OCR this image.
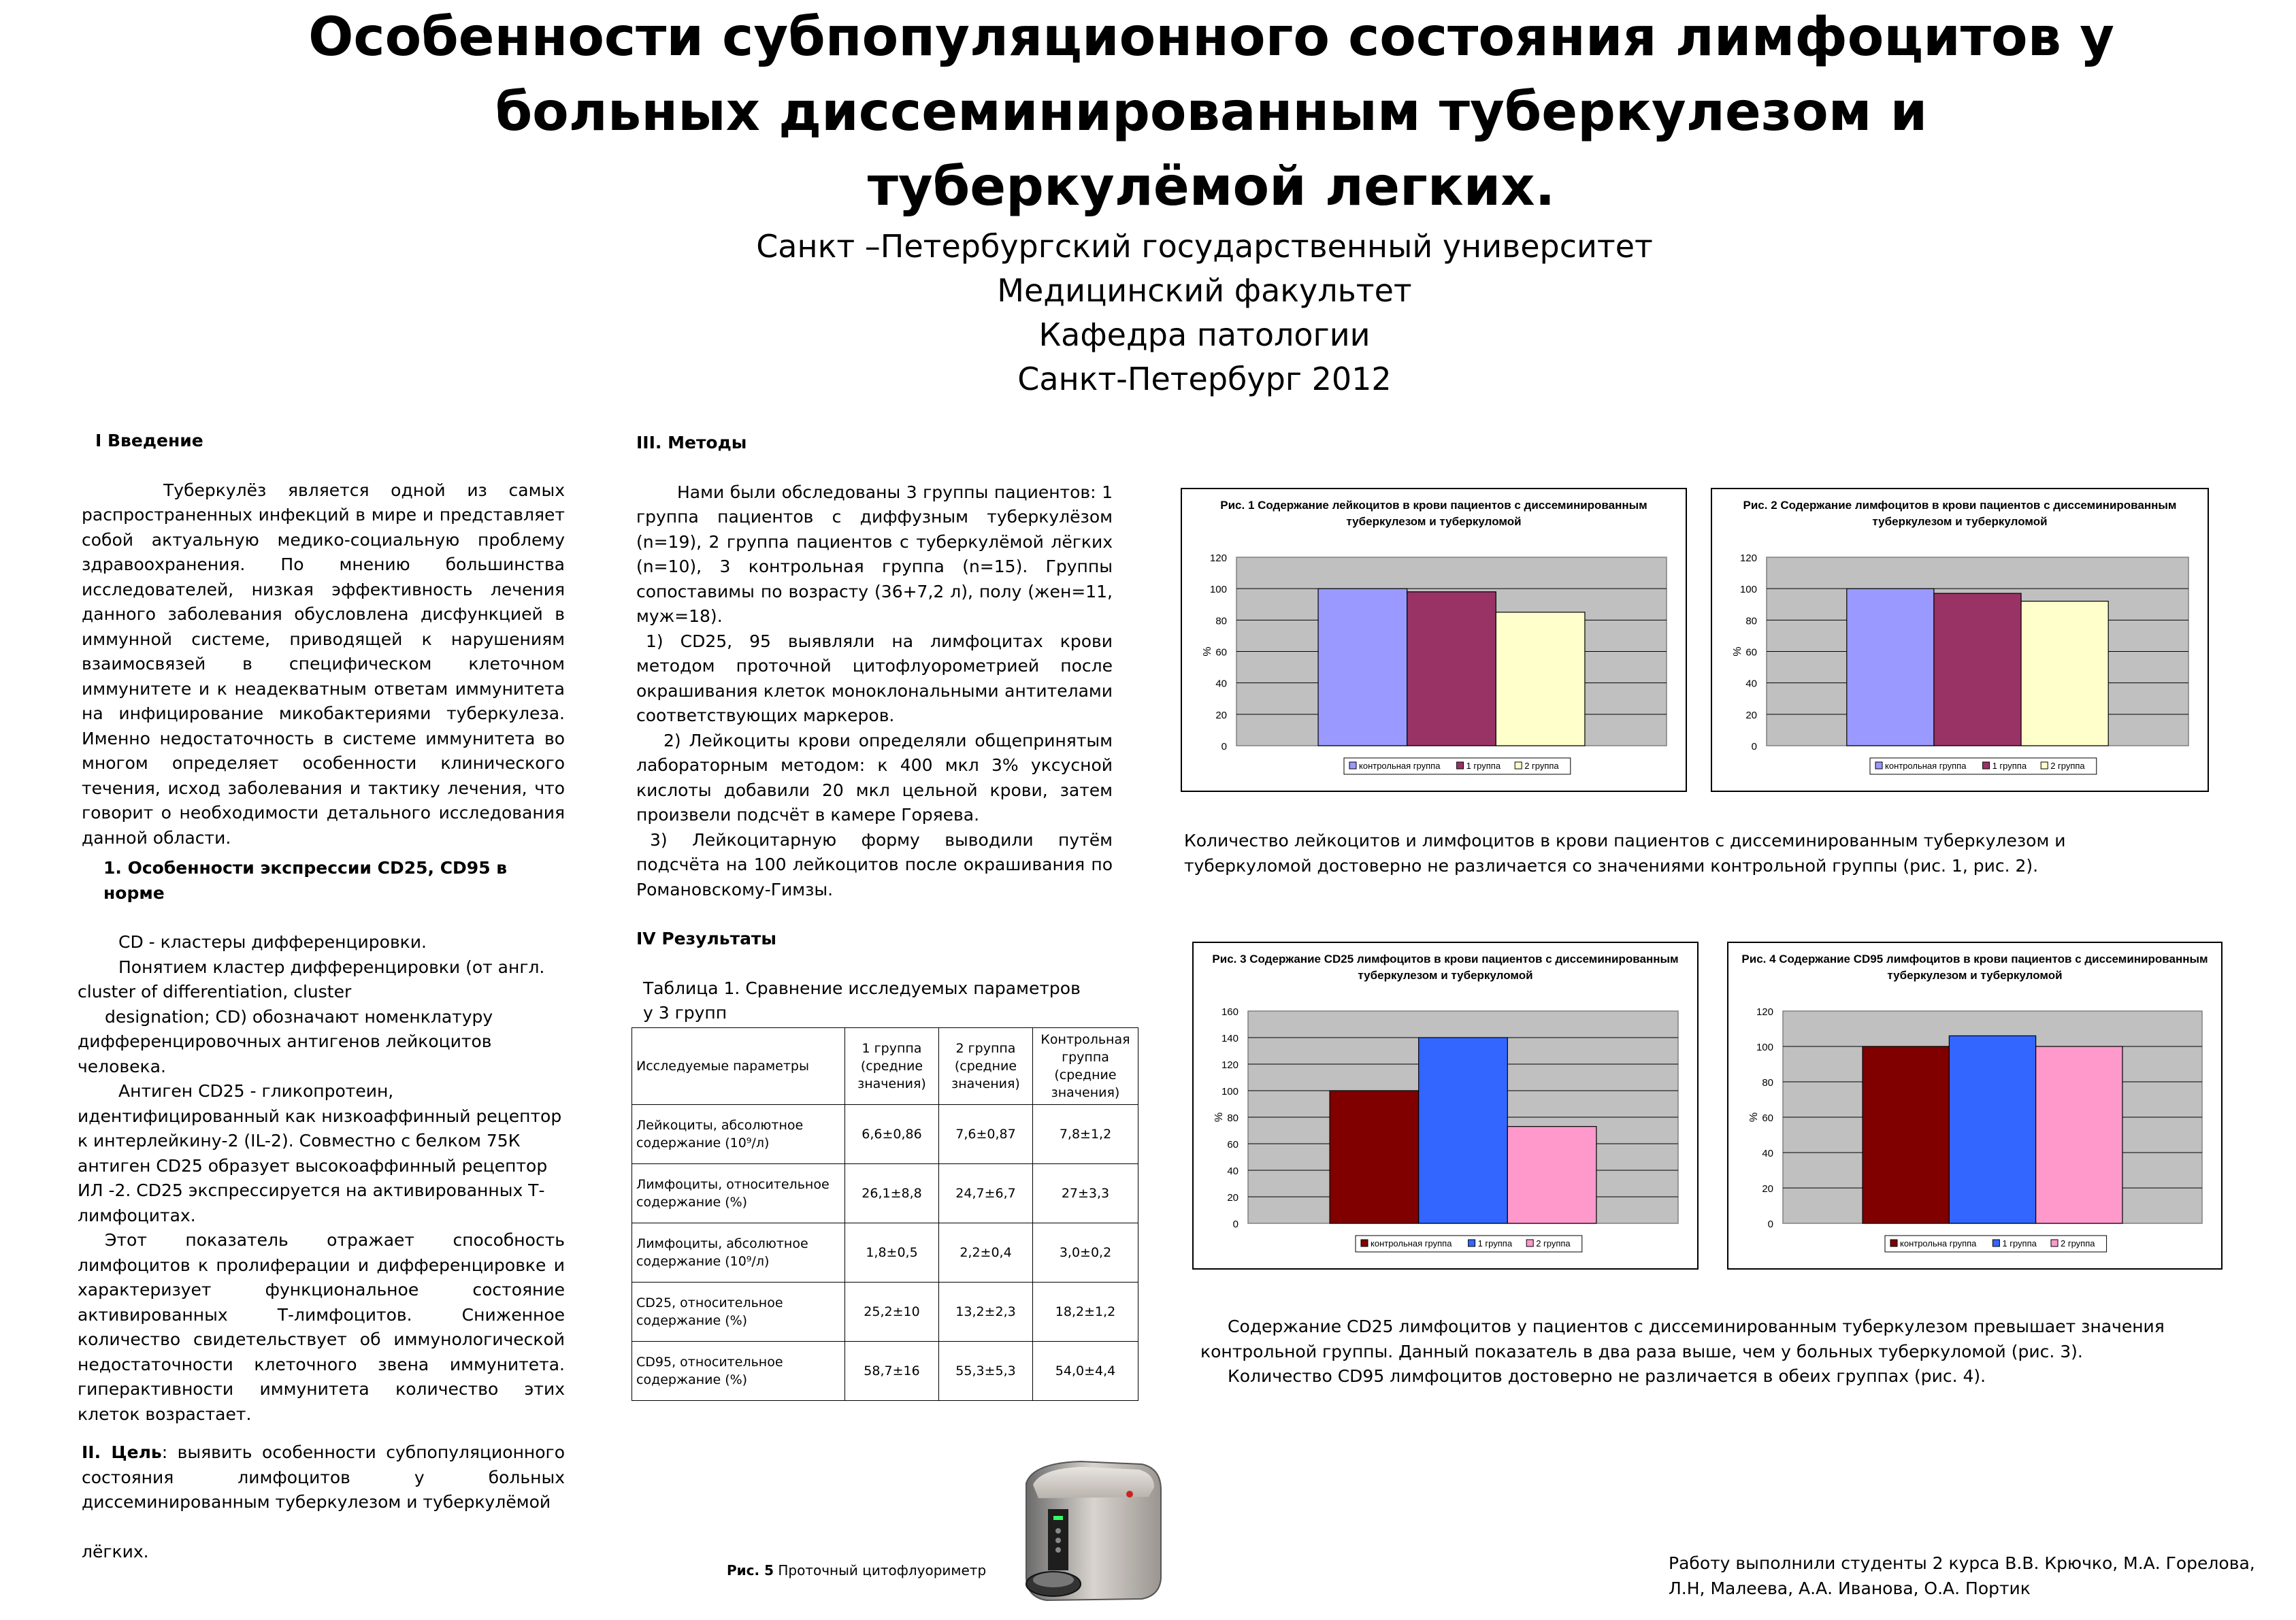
Особенности субпопуляционного состояния лимфоцитов у
больных диссеминированным туберкулезом и
туберкулёмой легких.
Санкт –Петербургский государственный университет
Медицинский факультет
Кафедра патологии
Санкт-Петербург 2012

I Введение

Туберкулёз является одной из самых распространенных инфекций в мире и представляет собой актуальную медико-социальную проблему здравоохранения. По мнению большинства исследователей, низкая эффективность лечения данного заболевания обусловлена дисфункцией в иммунной системе, приводящей к нарушениям взаимосвязей в специфическом клеточном иммунитете и к неадекватным ответам иммунитета на инфицирование микобактериями туберкулеза. Именно недостаточность в системе иммунитета во многом определяет особенности клинического течения, исход заболевания и тактику лечения, что говорит о необходимости детального исследования данной области.

1. Особенности экспрессии CD25, CD95 в норме

CD - кластеры дифференцировки.

Понятием кластер дифференцировки (от англ. cluster of differentiation, cluster

designation; CD) обозначают номенклатуру дифференцировочных антигенов лейкоцитов человека.

Антиген CD25 - гликопротеин, идентифицированный как низкоаффинный рецептор к интерлейкину-2 (IL-2). Совместно с белком 75К антиген CD25 образует высокоаффинный рецептор ИЛ -2. CD25 экспрессируется на активированных Т-лимфоцитах.

Этот показатель отражает способность лимфоцитов к пролиферации и дифференцировке и характеризует функциональное состояние активированных Т-лимфоцитов. Сниженное количество свидетельствует об иммунологической недостаточности клеточного звена иммунитета. гиперактивности иммунитета количество этих клеток возрастает.

II. Цель: выявить особенности субпопуляционного состояния лимфоцитов у больных диссеминированным туберкулезом и туберкулёмой

лёгких.

III. Методы

Нами были обследованы 3 группы пациентов: 1 группа пациентов с диффузным туберкулёзом (n=19), 2 группа пациентов с туберкулёмой лёгких (n=10), 3 контрольная группа (n=15). Группы сопоставимы по возрасту (36+7,2 л), полу (жен=11, муж=18).

1) CD25, 95 выявляли на лимфоцитах крови методом проточной цитофлуорометрией после окрашивания клеток моноклональными антителами соответствующих маркеров.

2) Лейкоциты крови определяли общепринятым лабораторным методом: к 400 мкл 3% уксусной кислоты добавили 20 мкл цельной крови, затем произвели подсчёт в камере Горяева.

3) Лейкоцитарную форму выводили путём подсчёта на 100 лейкоцитов после окрашивания по Романовскому-Гимзы.

IV Результаты

Таблица 1. Сравнение исследуемых параметров у 3 групп

Исследуемые параметры	1 группа (средние значения)	2 группа (средние значения)	Контрольная группа (средние значения)
Лейкоциты, абсолютное содержание (10⁹/л)	6,6±0,86	7,6±0,87	7,8±1,2
Лимфоциты, относительное содержание (%)	26,1±8,8	24,7±6,7	27±3,3
Лимфоциты, абсолютное содержание (10⁹/л)	1,8±0,5	2,2±0,4	3,0±0,2
CD25, относительное содержание (%)	25,2±10	13,2±2,3	18,2±1,2
CD95, относительное содержание (%)	58,7±16	55,3±5,3	54,0±4,4
Рис. 5 Проточный цитофлуориметр
Рис. 1 Содержание лейкоцитов в крови пациентов с диссеминированным туберкулезом и туберкуломой
0
20
40
60
80
100
120
%
контрольная группа	1 группа	2 группа
Рис. 2 Содержание лимфоцитов в крови пациентов с диссеминированным туберкулезом и туберкуломой
0
20
40
60
80
100
120
%
контрольная группа	1 группа	2 группа
Рис. 3 Содержание CD25 лимфоцитов в крови пациентов с диссеминированным туберкулезом и туберкуломой
0
20
40
60
80
100
120
140
160
%
контрольная группа	1 группа	2 группа
Рис. 4 Содержание CD95 лимфоцитов в крови пациентов с диссеминированным туберкулезом и туберкуломой
0
20
40
60
80
100
120
%
контрольна группа	1 группа	2 группа
Количество лейкоцитов и лимфоцитов в крови пациентов с диссеминированным туберкулезом и туберкуломой достоверно не различается со значениями контрольной группы (рис. 1, рис. 2).

Содержание CD25 лимфоцитов у пациентов с диссеминированным туберкулезом превышает значения контрольной группы. Данный показатель в два раза выше, чем у больных туберкуломой (рис. 3).

Количество CD95 лимфоцитов достоверно не различается в обеих группах (рис. 4).

Работу выполнили студенты 2 курса В.В. Крючко, М.А. Горелова, Л.Н, Малеева, А.А. Иванова, О.А. Портик
